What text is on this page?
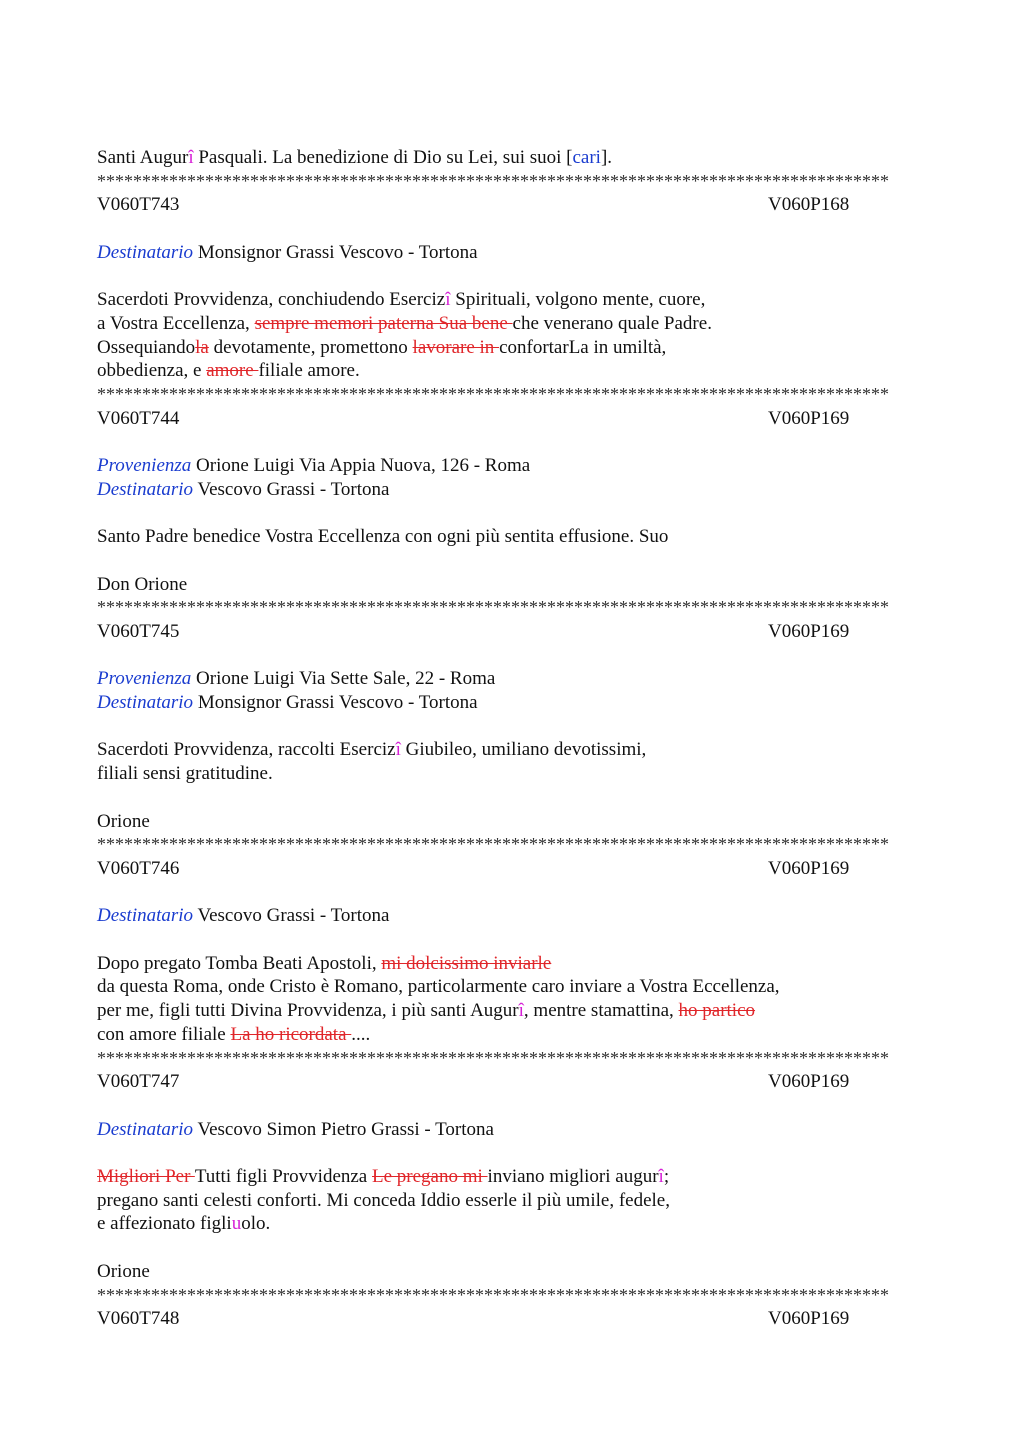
Santi Augurî Pasquali. La benedizione di Dio su Lei, sui suoi [cari].
****************************************************************************************
V060T743	V060P168
Destinatario Monsignor Grassi Vescovo - Tortona
Sacerdoti Provvidenza, conchiudendo Esercizî Spirituali, volgono mente, cuore,
a Vostra Eccellenza, sempre memori paterna Sua bene che venerano quale Padre.
Ossequiandola devotamente, promettono lavorare in confortarLa in umiltà,
obbedienza, e amore filiale amore.
****************************************************************************************
V060T744	V060P169
Provenienza Orione Luigi Via Appia Nuova, 126 - Roma
Destinatario Vescovo Grassi - Tortona
Santo Padre benedice Vostra Eccellenza con ogni più sentita effusione. Suo
Don Orione
****************************************************************************************
V060T745	V060P169
Provenienza Orione Luigi Via Sette Sale, 22 - Roma
Destinatario Monsignor Grassi Vescovo - Tortona
Sacerdoti Provvidenza, raccolti Esercizî Giubileo, umiliano devotissimi,
filiali sensi gratitudine.
Orione
****************************************************************************************
V060T746	V060P169
Destinatario Vescovo Grassi - Tortona
Dopo pregato Tomba Beati Apostoli, mi dolcissimo inviarle
da questa Roma, onde Cristo è Romano, particolarmente caro inviare a Vostra Eccellenza,
per me, figli tutti Divina Provvidenza, i più santi Augurî, mentre stamattina, ho partico
con amore filiale La ho ricordata ....
****************************************************************************************
V060T747	V060P169
Destinatario Vescovo Simon Pietro Grassi - Tortona
Migliori Per Tutti figli Provvidenza Le pregano mi inviano migliori augurî;
pregano santi celesti conforti. Mi conceda Iddio esserle il più umile, fedele,
e affezionato figliuolo.
Orione
****************************************************************************************
V060T748	V060P169
